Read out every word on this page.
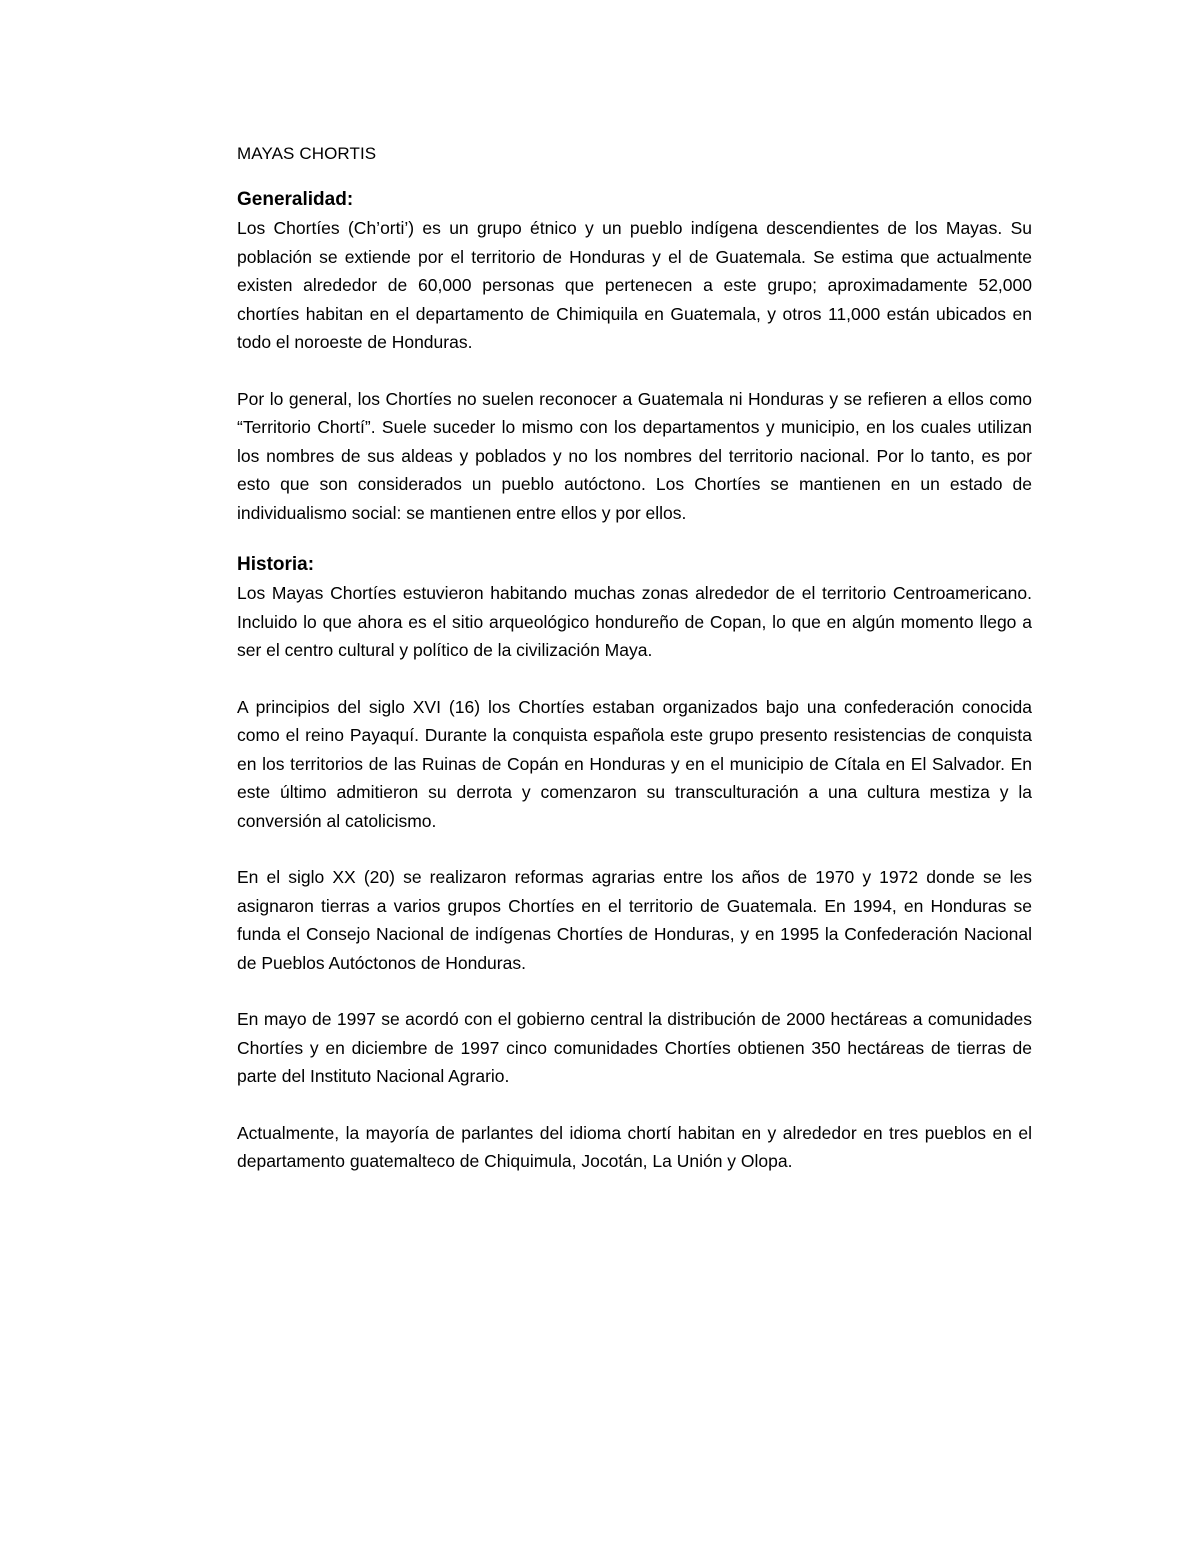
MAYAS CHORTIS
Generalidad:

Los Chortíes (Ch’orti’) es un grupo étnico y un pueblo indígena descendientes de los Mayas. Su población se extiende por el territorio de Honduras y el de Guatemala. Se estima que actualmente existen alrededor de 60,000 personas que pertenecen a este grupo; aproximadamente 52,000 chortíes habitan en el departamento de Chimiquila en Guatemala, y otros 11,000 están ubicados en todo el noroeste de Honduras.

Por lo general, los Chortíes no suelen reconocer a Guatemala ni Honduras y se refieren a ellos como “Territorio Chortí”. Suele suceder lo mismo con los departamentos y municipio, en los cuales utilizan los nombres de sus aldeas y poblados y no los nombres del territorio nacional. Por lo tanto, es por esto que son considerados un pueblo autóctono. Los Chortíes se mantienen en un estado de individualismo social: se mantienen entre ellos y por ellos.

Historia:

Los Mayas Chortíes estuvieron habitando muchas zonas alrededor de el territorio Centroamericano. Incluido lo que ahora es el sitio arqueológico hondureño de Copan, lo que en algún momento llego a ser el centro cultural y político de la civilización Maya.

A principios del siglo XVI (16) los Chortíes estaban organizados bajo una confederación conocida como el reino Payaquí. Durante la conquista española este grupo presento resistencias de conquista en los territorios de las Ruinas de Copán en Honduras y en el municipio de Cítala en El Salvador. En este último admitieron su derrota y comenzaron su transculturación a una cultura mestiza y la conversión al catolicismo.

En el siglo XX (20) se realizaron reformas agrarias entre los años de 1970 y 1972 donde se les asignaron tierras a varios grupos Chortíes en el territorio de Guatemala. En 1994, en Honduras se funda el Consejo Nacional de indígenas Chortíes de Honduras, y en 1995 la Confederación Nacional de Pueblos Autóctonos de Honduras.

En mayo de 1997 se acordó con el gobierno central la distribución de 2000 hectáreas a comunidades Chortíes y en diciembre de 1997 cinco comunidades Chortíes obtienen 350 hectáreas de tierras de parte del Instituto Nacional Agrario.

Actualmente, la mayoría de parlantes del idioma chortí habitan en y alrededor en tres pueblos en el departamento guatemalteco de Chiquimula, Jocotán, La Unión y Olopa.
